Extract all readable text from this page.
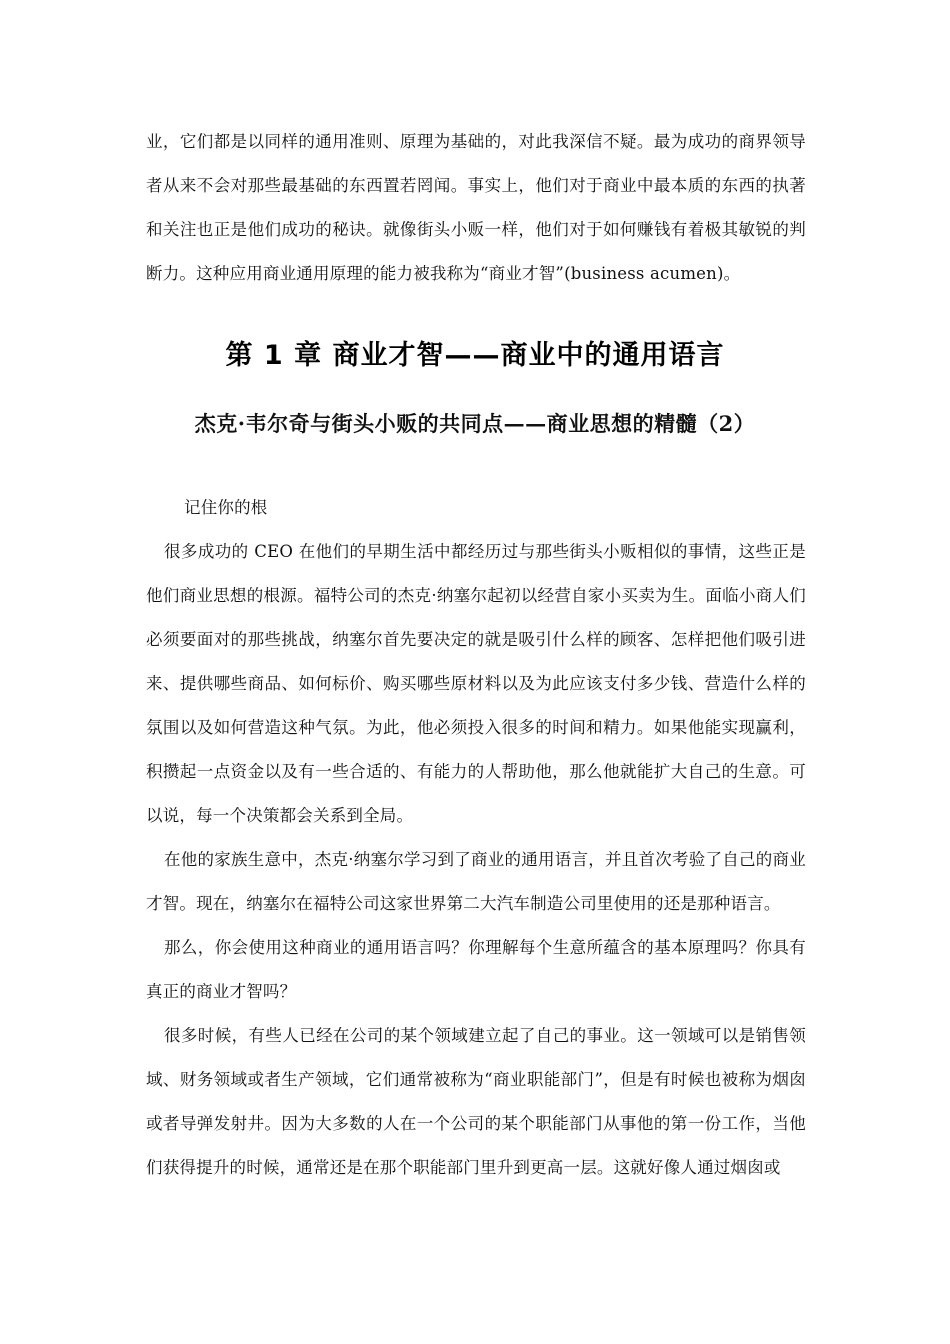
业，它们都是以同样的通用准则、原理为基础的，对此我深信不疑。最为成功的商界领导者从来不会对那些最基础的东西置若罔闻。事实上，他们对于商业中最本质的东西的执著和关注也正是他们成功的秘诀。就像街头小贩一样，他们对于如何赚钱有着极其敏锐的判断力。这种应用商业通用原理的能力被我称为“商业才智”(business acumen)。

第 1 章 商业才智——商业中的通用语言
杰克·韦尔奇与街头小贩的共同点——商业思想的精髓（2）

记住你的根

很多成功的 CEO 在他们的早期生活中都经历过与那些街头小贩相似的事情，这些正是他们商业思想的根源。福特公司的杰克·纳塞尔起初以经营自家小买卖为生。面临小商人们必须要面对的那些挑战，纳塞尔首先要决定的就是吸引什么样的顾客、怎样把他们吸引进来、提供哪些商品、如何标价、购买哪些原材料以及为此应该支付多少钱、营造什么样的氛围以及如何营造这种气氛。为此，他必须投入很多的时间和精力。如果他能实现赢利，积攒起一点资金以及有一些合适的、有能力的人帮助他，那么他就能扩大自己的生意。可以说，每一个决策都会关系到全局。

在他的家族生意中，杰克·纳塞尔学习到了商业的通用语言，并且首次考验了自己的商业才智。现在，纳塞尔在福特公司这家世界第二大汽车制造公司里使用的还是那种语言。

那么，你会使用这种商业的通用语言吗？你理解每个生意所蕴含的基本原理吗？你具有真正的商业才智吗？

很多时候，有些人已经在公司的某个领域建立起了自己的事业。这一领域可以是销售领域、财务领域或者生产领域，它们通常被称为“商业职能部门”，但是有时候也被称为烟囱或者导弹发射井。因为大多数的人在一个公司的某个职能部门从事他的第一份工作，当他们获得提升的时候，通常还是在那个职能部门里升到更高一层。这就好像人通过烟囱或
